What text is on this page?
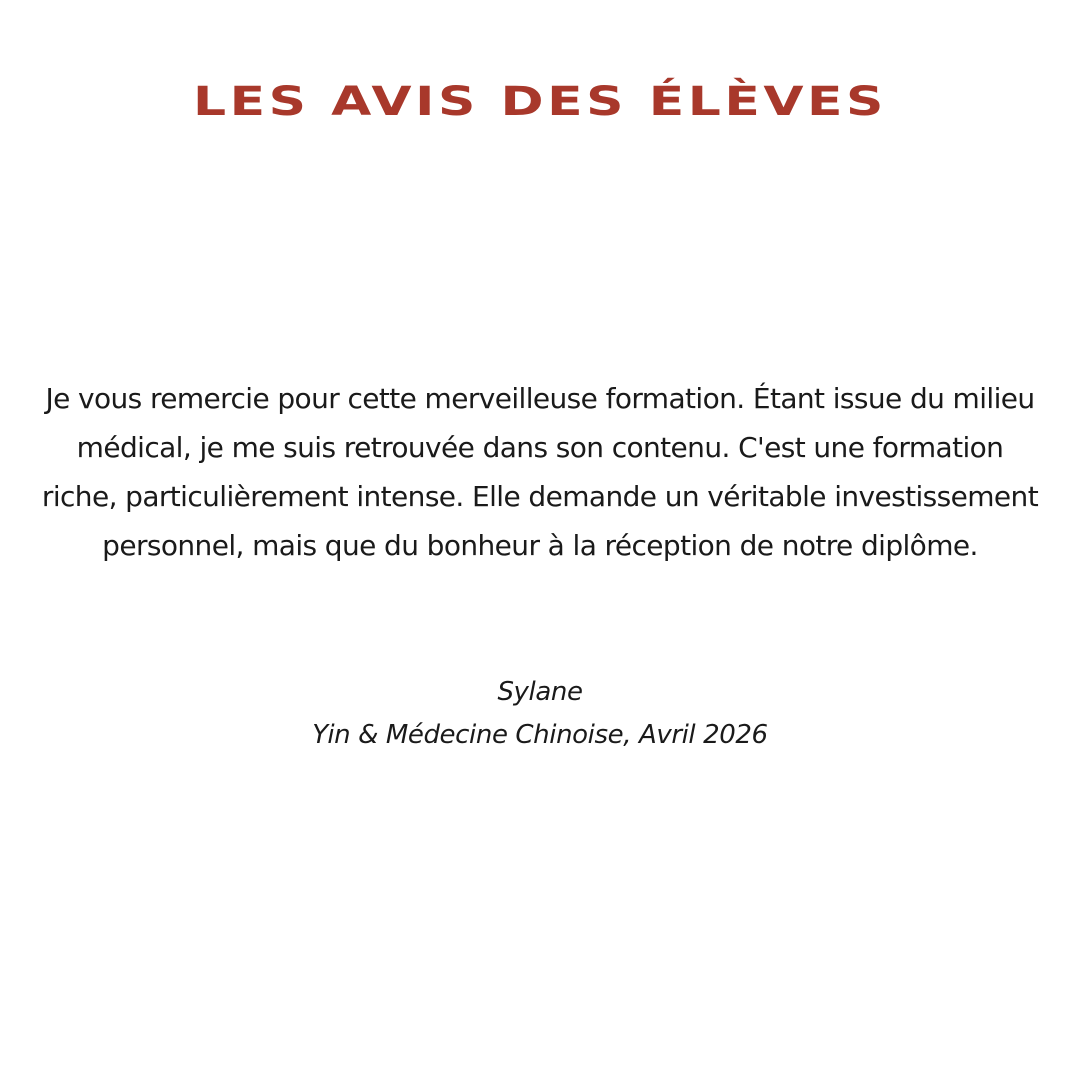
LES AVIS DES ÉLÈVES

Je vous remercie pour cette merveilleuse formation. Étant issue du milieu médical, je me suis retrouvée dans son contenu. C'est une formation riche, particulièrement intense. Elle demande un véritable investissement personnel, mais que du bonheur à la réception de notre diplôme.

Sylane

Yin & Médecine Chinoise, Avril 2026
